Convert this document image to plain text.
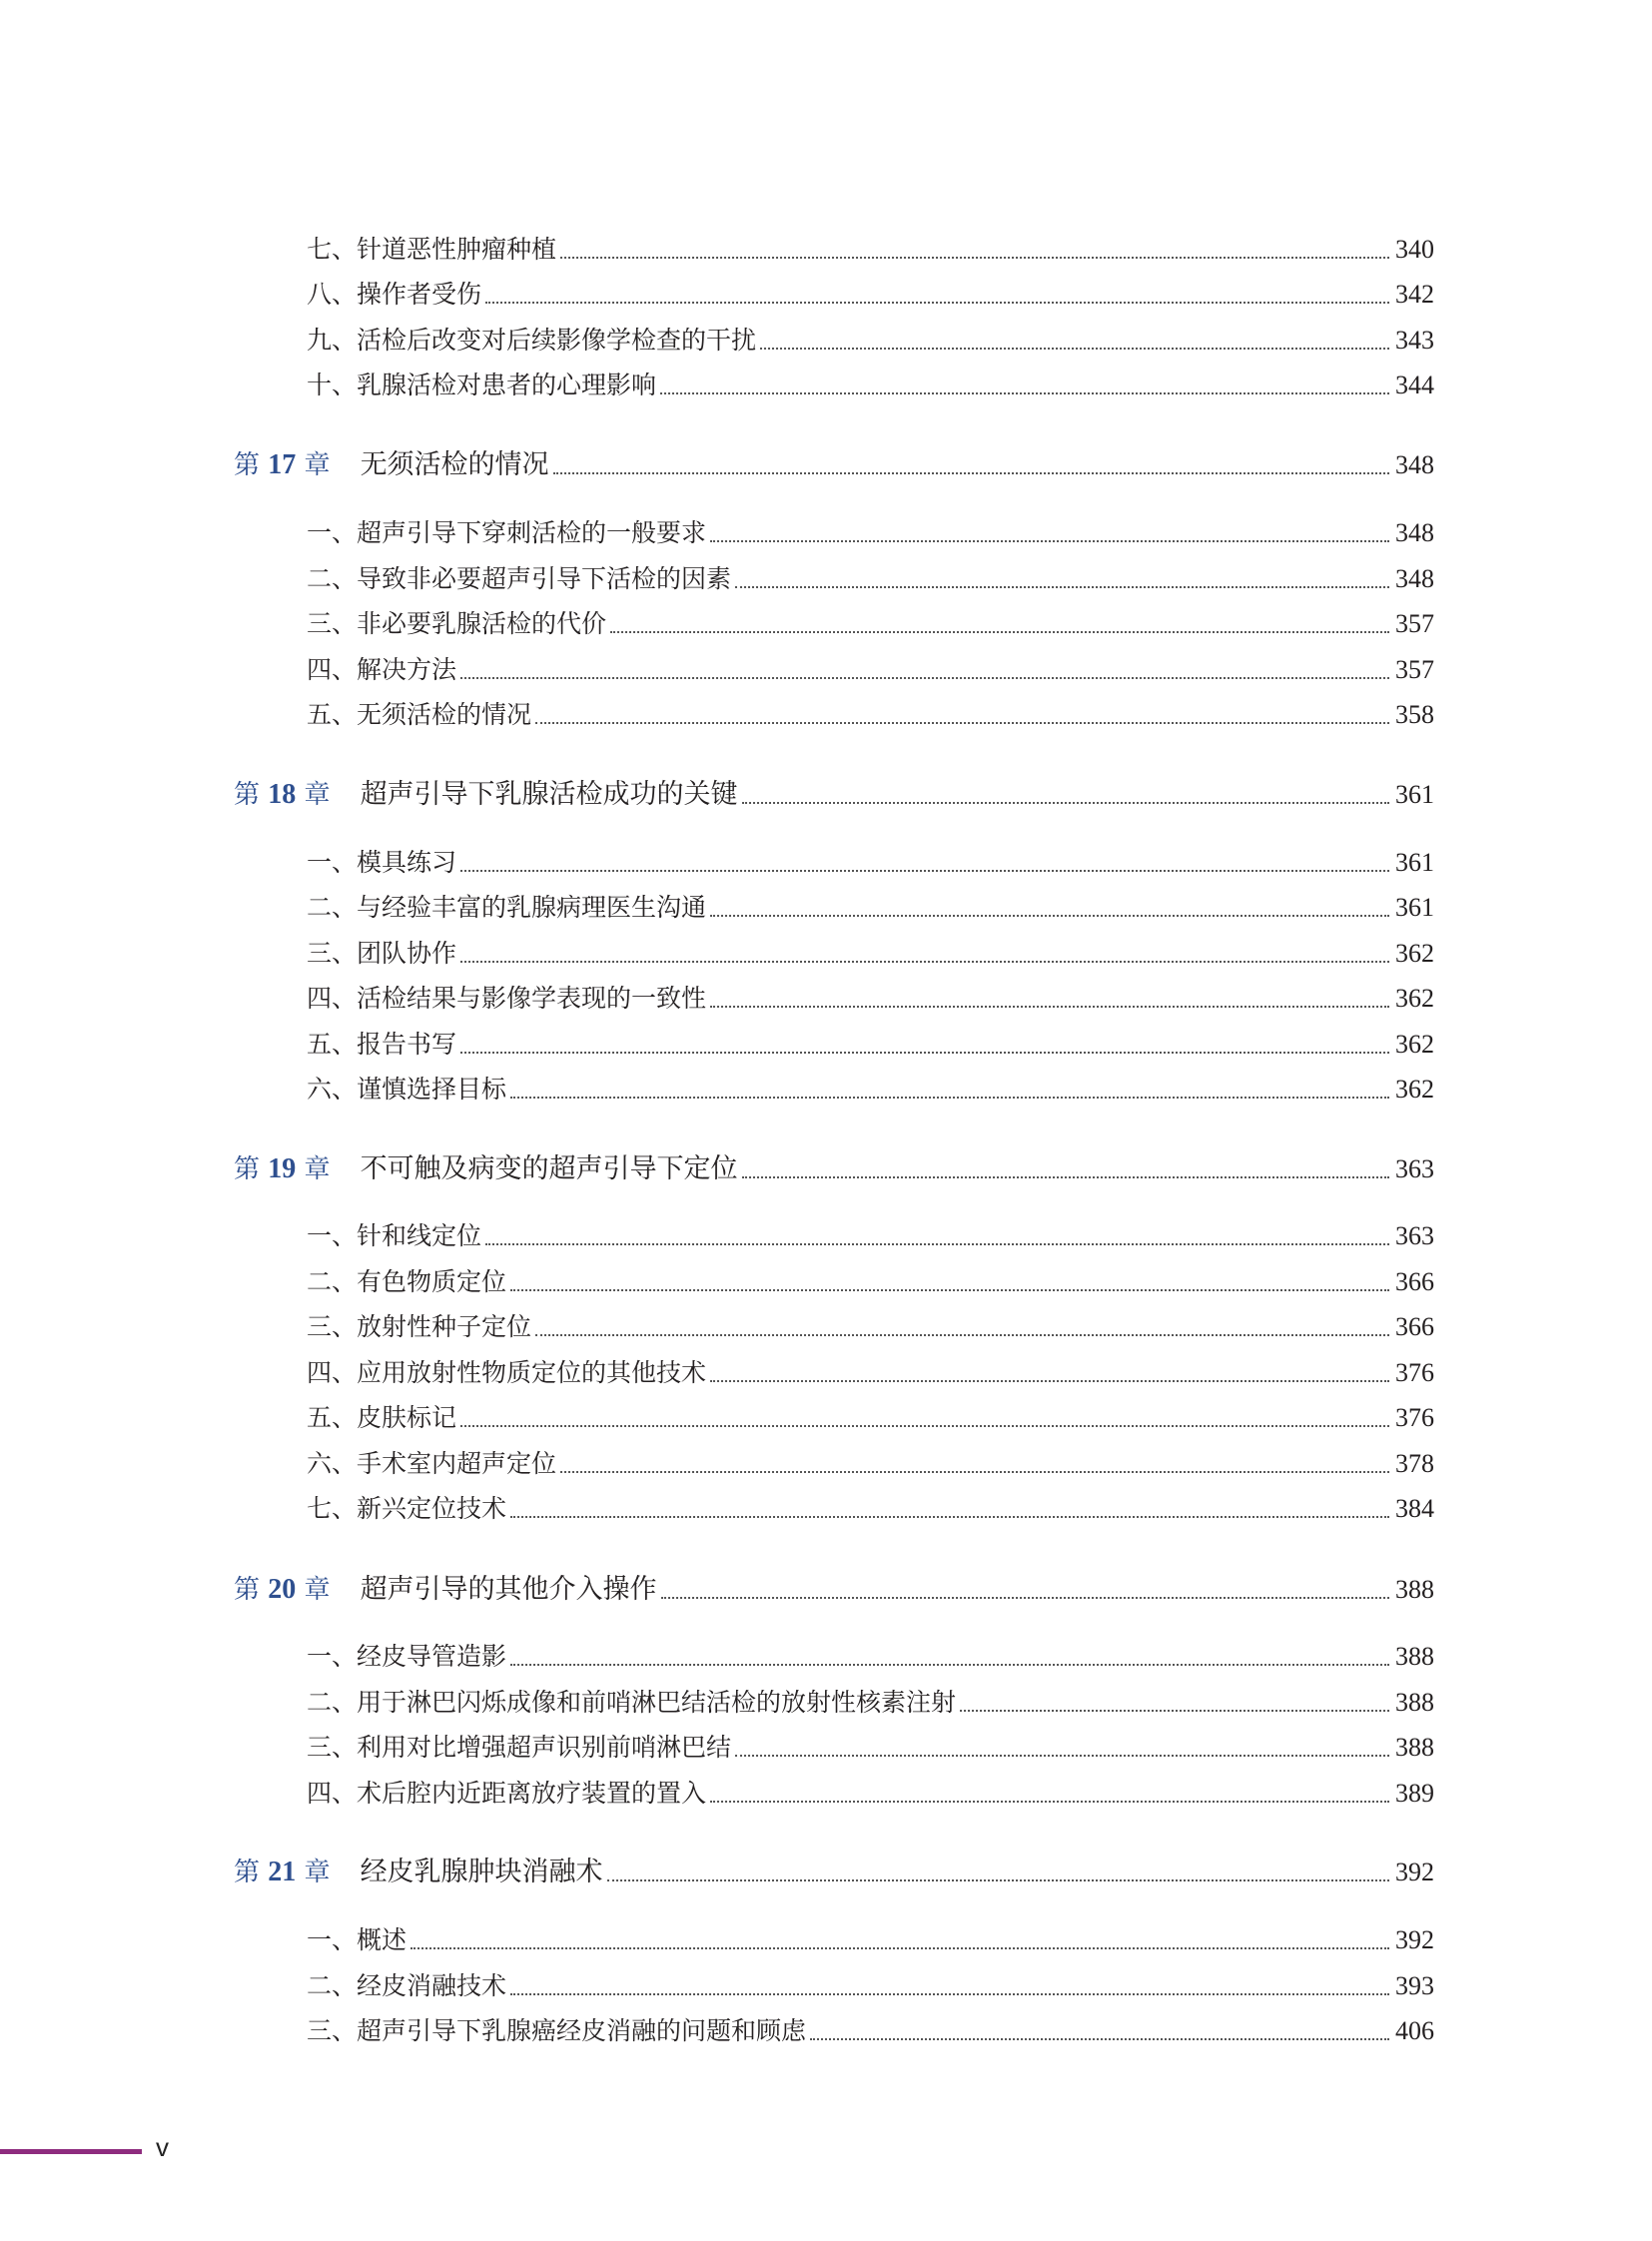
七、针道恶性肿瘤种植	340
八、操作者受伤	342
九、活检后改变对后续影像学检查的干扰	343
十、乳腺活检对患者的心理影响	344
第 17 章 无须活检的情况	348
一、超声引导下穿刺活检的一般要求	348
二、导致非必要超声引导下活检的因素	348
三、非必要乳腺活检的代价	357
四、解决方法	357
五、无须活检的情况	358
第 18 章 超声引导下乳腺活检成功的关键	361
一、模具练习	361
二、与经验丰富的乳腺病理医生沟通	361
三、团队协作	362
四、活检结果与影像学表现的一致性	362
五、报告书写	362
六、谨慎选择目标	362
第 19 章 不可触及病变的超声引导下定位	363
一、针和线定位	363
二、有色物质定位	366
三、放射性种子定位	366
四、应用放射性物质定位的其他技术	376
五、皮肤标记	376
六、手术室内超声定位	378
七、新兴定位技术	384
第 20 章 超声引导的其他介入操作	388
一、经皮导管造影	388
二、用于淋巴闪烁成像和前哨淋巴结活检的放射性核素注射	388
三、利用对比增强超声识别前哨淋巴结	388
四、术后腔内近距离放疗装置的置入	389
第 21 章 经皮乳腺肿块消融术	392
一、概述	392
二、经皮消融技术	393
三、超声引导下乳腺癌经皮消融的问题和顾虑	406
v
